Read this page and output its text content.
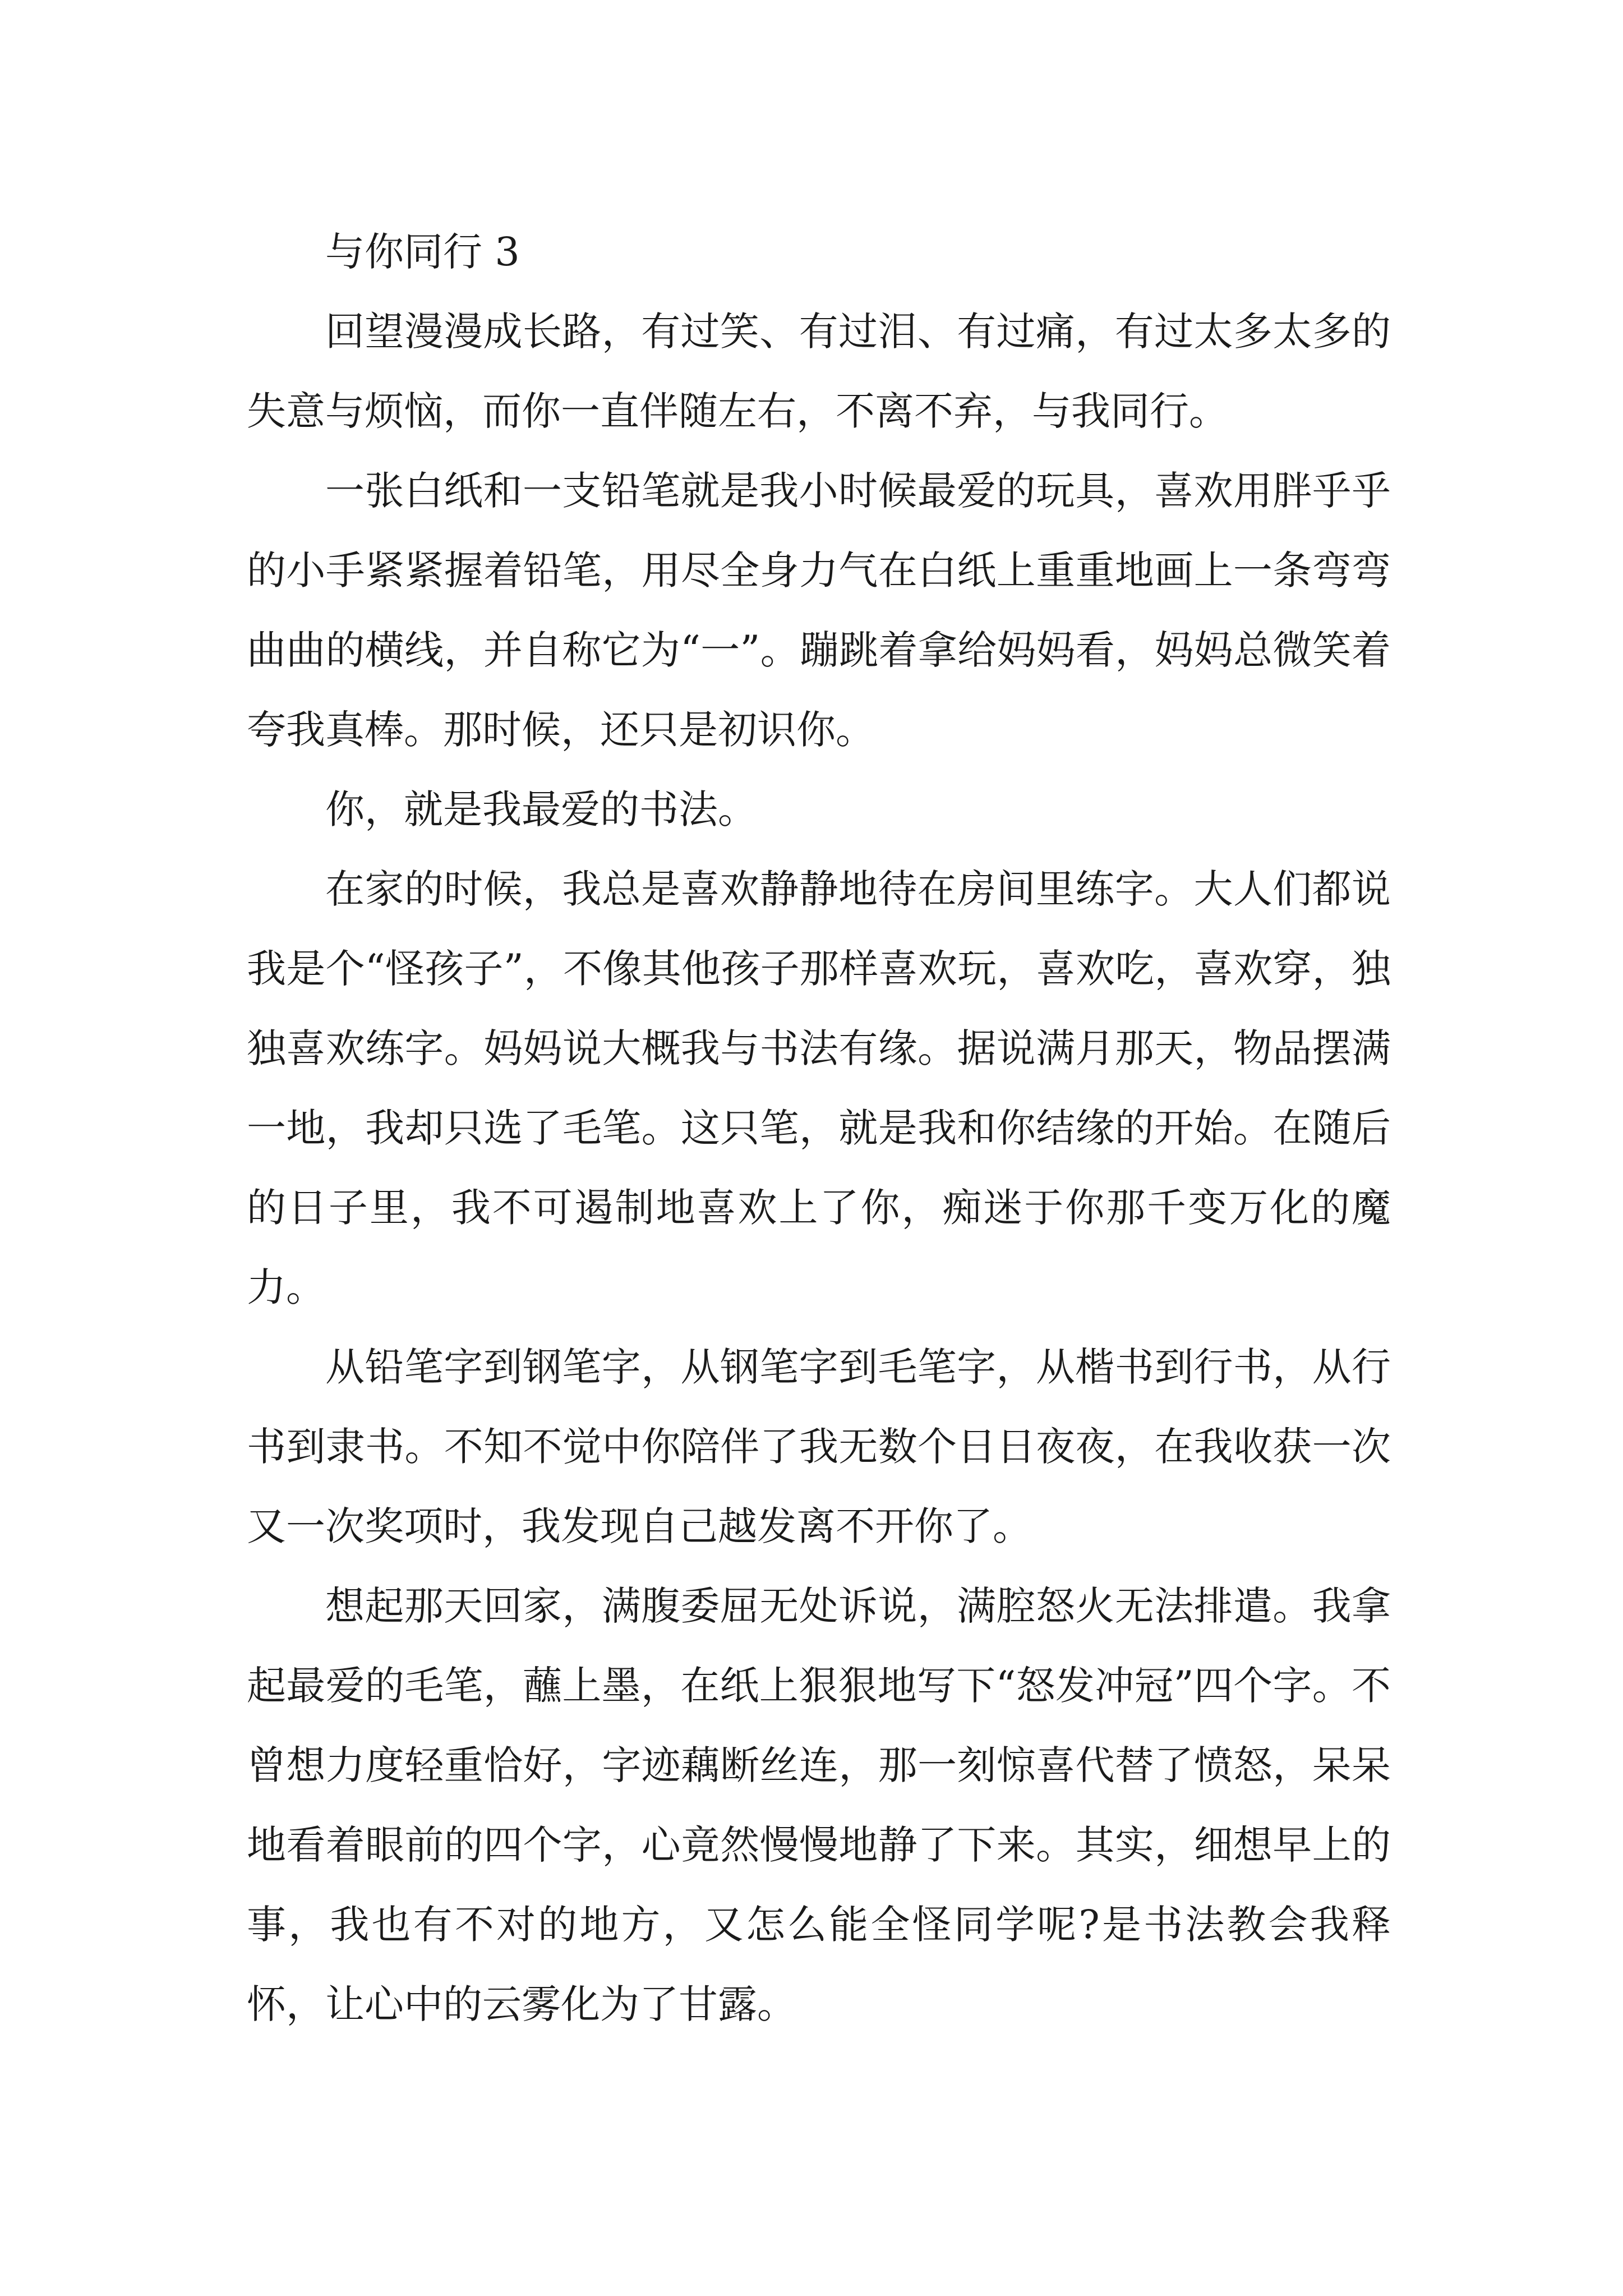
与你同行 3

回望漫漫成长路，有过笑、有过泪、有过痛，有过太多太多的失意与烦恼，而你一直伴随左右，不离不弃，与我同行。

一张白纸和一支铅笔就是我小时候最爱的玩具，喜欢用胖乎乎的小手紧紧握着铅笔，用尽全身力气在白纸上重重地画上一条弯弯曲曲的横线，并自称它为“一”。蹦跳着拿给妈妈看，妈妈总微笑着夸我真棒。那时候，还只是初识你。

你，就是我最爱的书法。

在家的时候，我总是喜欢静静地待在房间里练字。大人们都说我是个“怪孩子”，不像其他孩子那样喜欢玩，喜欢吃，喜欢穿，独独喜欢练字。妈妈说大概我与书法有缘。据说满月那天，物品摆满一地，我却只选了毛笔。这只笔，就是我和你结缘的开始。在随后的日子里，我不可遏制地喜欢上了你，痴迷于你那千变万化的魔力。

从铅笔字到钢笔字，从钢笔字到毛笔字，从楷书到行书，从行书到隶书。不知不觉中你陪伴了我无数个日日夜夜，在我收获一次又一次奖项时，我发现自己越发离不开你了。

想起那天回家，满腹委屈无处诉说，满腔怒火无法排遣。我拿起最爱的毛笔，蘸上墨，在纸上狠狠地写下“怒发冲冠”四个字。不曾想力度轻重恰好，字迹藕断丝连，那一刻惊喜代替了愤怒，呆呆地看着眼前的四个字，心竟然慢慢地静了下来。其实，细想早上的事，我也有不对的地方，又怎么能全怪同学呢?是书法教会我释怀，让心中的云雾化为了甘露。
